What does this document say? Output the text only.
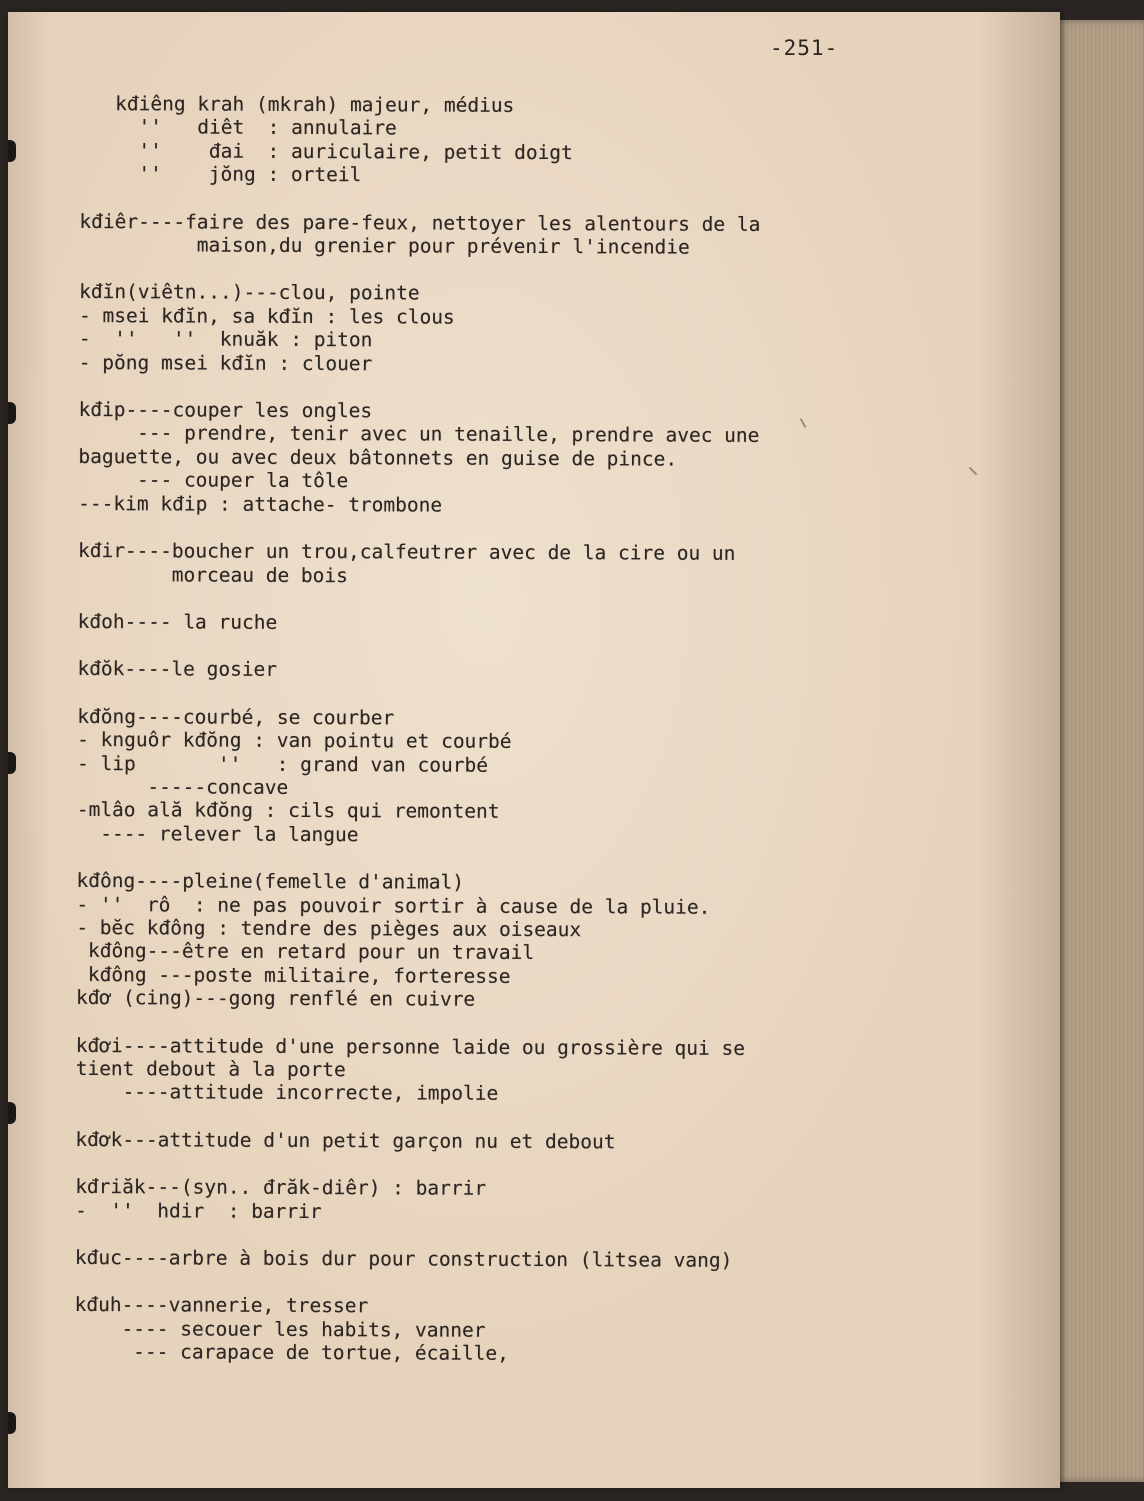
-251-
kđiêng krah (mkrah) majeur, médius
''   diêt  : annulaire
''    đai  : auriculaire, petit doigt
''    jŏng : orteil
kđiêr----faire des pare-feux, nettoyer les alentours de la
maison,du grenier pour prévenir l'incendie
kđĭn(viêtn...)---clou, pointe
- msei kđĭn, sa kđĭn : les clous
-  ''   ''  knuăk : piton
- pŏng msei kđĭn : clouer
kđip----couper les ongles
--- prendre, tenir avec un tenaille, prendre avec une
baguette, ou avec deux bâtonnets en guise de pince.
--- couper la tôle
---kim kđip : attache- trombone
kđir----boucher un trou,calfeutrer avec de la cire ou un
morceau de bois
kđoh---- la ruche
kđŏk----le gosier
kđŏng----courbé, se courber
- knguôr kđŏng : van pointu et courbé
- lip       ''   : grand van courbé
-----concave
-mlâo ală kđŏng : cils qui remontent
---- relever la langue
kđông----pleine(femelle d'animal)
- ''  rô  : ne pas pouvoir sortir à cause de la pluie.
- bĕc kđông : tendre des pièges aux oiseaux
kđông---être en retard pour un travail
kđông ---poste militaire, forteresse
kđơ (cing)---gong renflé en cuivre
kđơi----attitude d'une personne laide ou grossière qui se
tient debout à la porte
----attitude incorrecte, impolie
kđơk---attitude d'un petit garçon nu et debout
kđriăk---(syn.. đrăk-diêr) : barrir
-  ''  hdir  : barrir
kđuc----arbre à bois dur pour construction (litsea vang)
kđuh----vannerie, tresser
---- secouer les habits, vanner
--- carapace de tortue, écaille,
